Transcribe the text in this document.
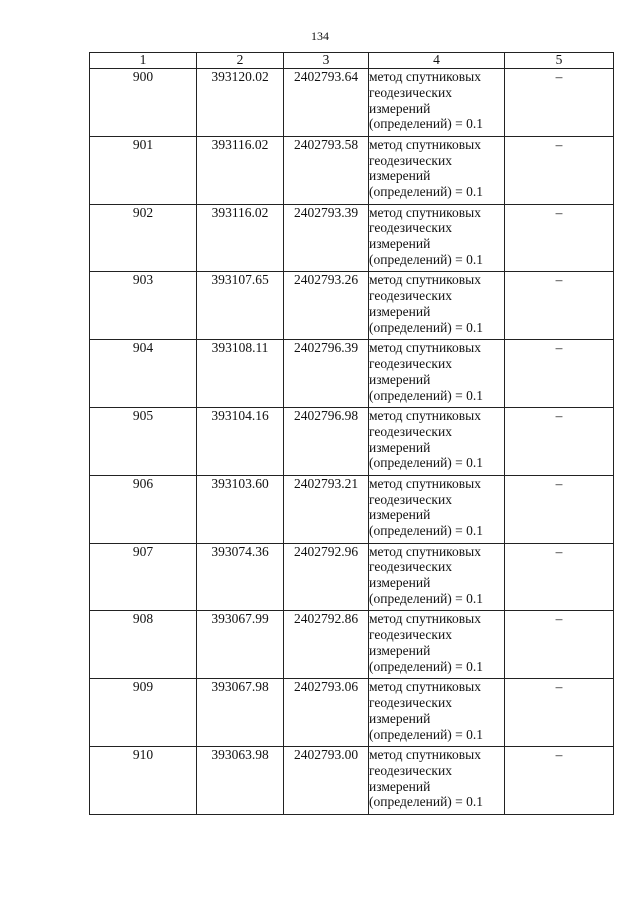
134
1	2	3	4	5
900	393120.02	2402793.64	метод спутниковых геодезических измерений (определений) = 0.1	–
901	393116.02	2402793.58	метод спутниковых геодезических измерений (определений) = 0.1	–
902	393116.02	2402793.39	метод спутниковых геодезических измерений (определений) = 0.1	–
903	393107.65	2402793.26	метод спутниковых геодезических измерений (определений) = 0.1	–
904	393108.11	2402796.39	метод спутниковых геодезических измерений (определений) = 0.1	–
905	393104.16	2402796.98	метод спутниковых геодезических измерений (определений) = 0.1	–
906	393103.60	2402793.21	метод спутниковых геодезических измерений (определений) = 0.1	–
907	393074.36	2402792.96	метод спутниковых геодезических измерений (определений) = 0.1	–
908	393067.99	2402792.86	метод спутниковых геодезических измерений (определений) = 0.1	–
909	393067.98	2402793.06	метод спутниковых геодезических измерений (определений) = 0.1	–
910	393063.98	2402793.00	метод спутниковых геодезических измерений (определений) = 0.1	–
